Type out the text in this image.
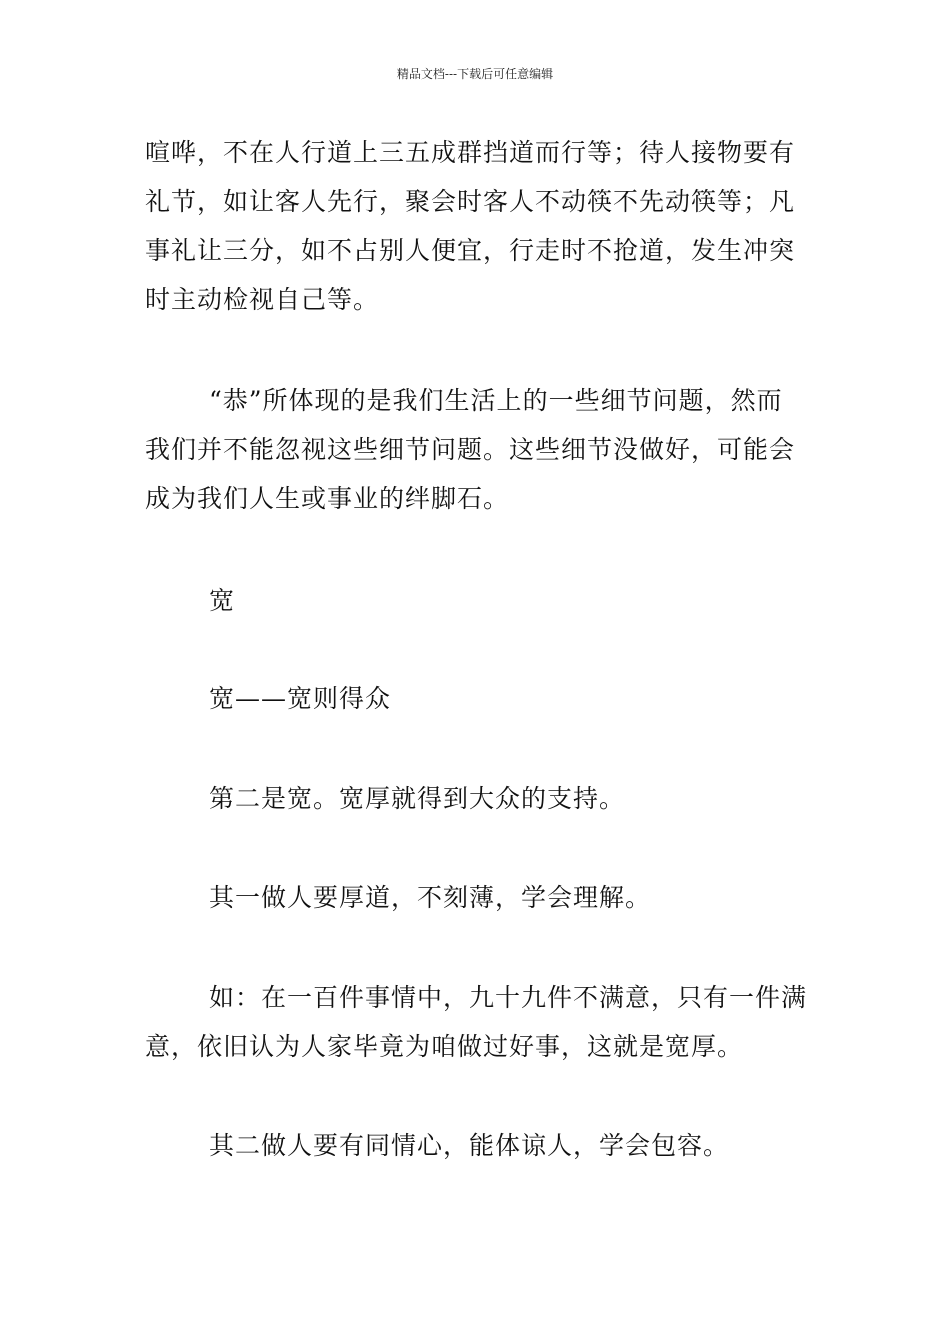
精品文档---下载后可任意编辑

喧哗，不在人行道上三五成群挡道而行等；待人接物要有
礼节，如让客人先行，聚会时客人不动筷不先动筷等；凡
事礼让三分，如不占别人便宜，行走时不抢道，发生冲突
时主动检视自己等。

“恭”所体现的是我们生活上的一些细节问题，然而
我们并不能忽视这些细节问题。这些细节没做好，可能会
成为我们人生或事业的绊脚石。

宽

宽——宽则得众

第二是宽。宽厚就得到大众的支持。

其一做人要厚道，不刻薄，学会理解。

如：在一百件事情中，九十九件不满意，只有一件满
意，依旧认为人家毕竟为咱做过好事，这就是宽厚。

其二做人要有同情心，能体谅人，学会包容。
